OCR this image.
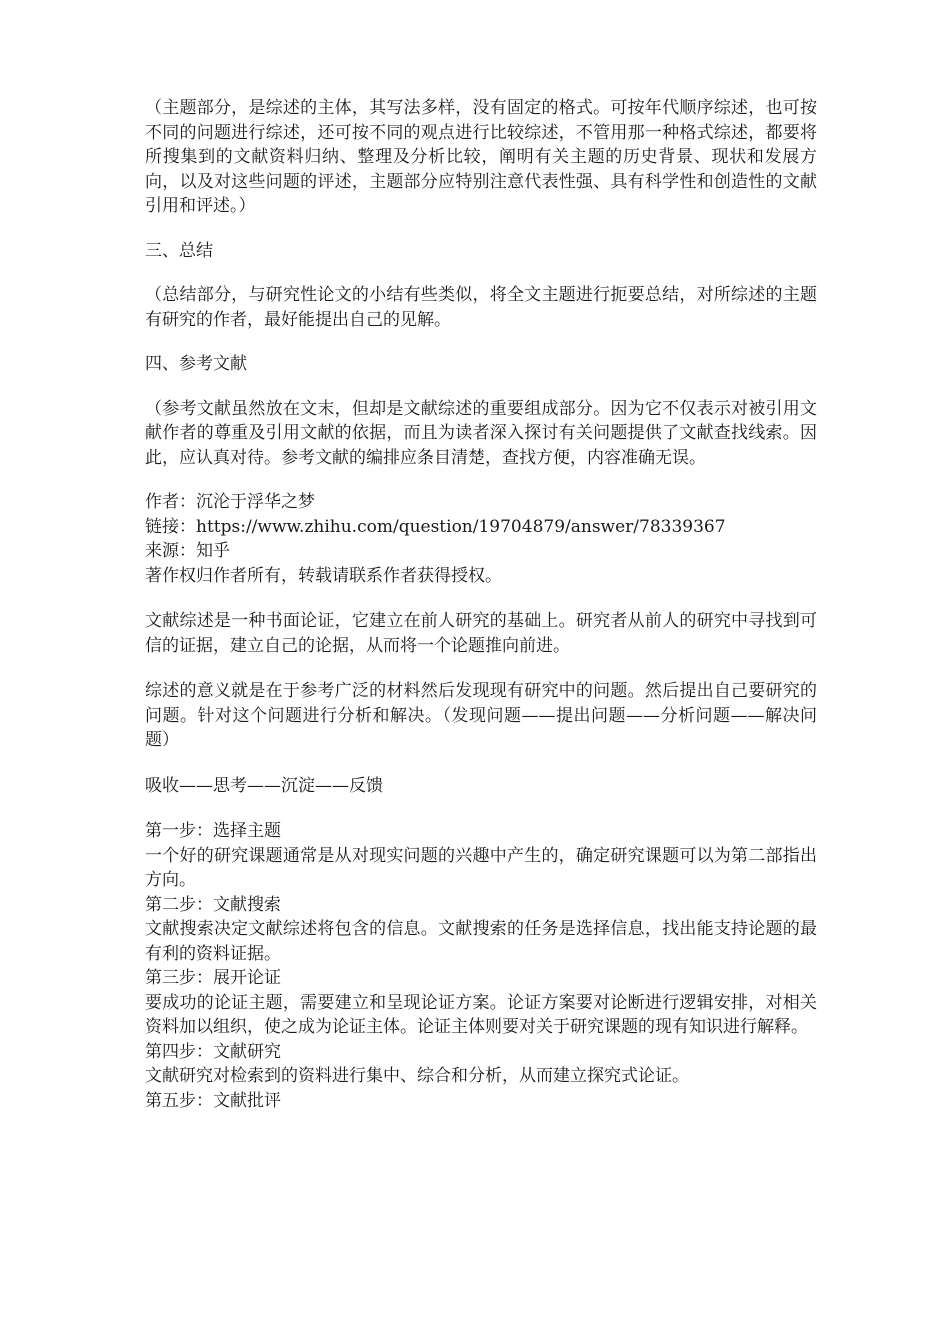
（主题部分，是综述的主体，其写法多样，没有固定的格式。可按年代顺序综述，也可按不同的问题进行综述，还可按不同的观点进行比较综述，不管用那一种格式综述，都要将所搜集到的文献资料归纳、整理及分析比较，阐明有关主题的历史背景、现状和发展方向，以及对这些问题的评述，主题部分应特别注意代表性强、具有科学性和创造性的文献引用和评述。）

三、总结

（总结部分，与研究性论文的小结有些类似，将全文主题进行扼要总结，对所综述的主题有研究的作者，最好能提出自己的见解。

四、参考文献

（参考文献虽然放在文末，但却是文献综述的重要组成部分。因为它不仅表示对被引用文献作者的尊重及引用文献的依据，而且为读者深入探讨有关问题提供了文献查找线索。因此，应认真对待。参考文献的编排应条目清楚，查找方便，内容准确无误。

作者：沉沦于浮华之梦

链接：https://www.zhihu.com/question/19704879/answer/78339367

来源：知乎

著作权归作者所有，转载请联系作者获得授权。

文献综述是一种书面论证，它建立在前人研究的基础上。研究者从前人的研究中寻找到可信的证据，建立自己的论据，从而将一个论题推向前进。

综述的意义就是在于参考广泛的材料然后发现现有研究中的问题。然后提出自己要研究的问题。针对这个问题进行分析和解决。（发现问题——提出问题——分析问题——解决问题）

吸收——思考——沉淀——反馈

第一步：选择主题

一个好的研究课题通常是从对现实问题的兴趣中产生的，确定研究课题可以为第二部指出方向。

第二步：文献搜索

文献搜索决定文献综述将包含的信息。文献搜索的任务是选择信息，找出能支持论题的最有利的资料证据。

第三步：展开论证

要成功的论证主题，需要建立和呈现论证方案。论证方案要对论断进行逻辑安排，对相关资料加以组织，使之成为论证主体。论证主体则要对关于研究课题的现有知识进行解释。

第四步：文献研究

文献研究对检索到的资料进行集中、综合和分析，从而建立探究式论证。

第五步：文献批评
